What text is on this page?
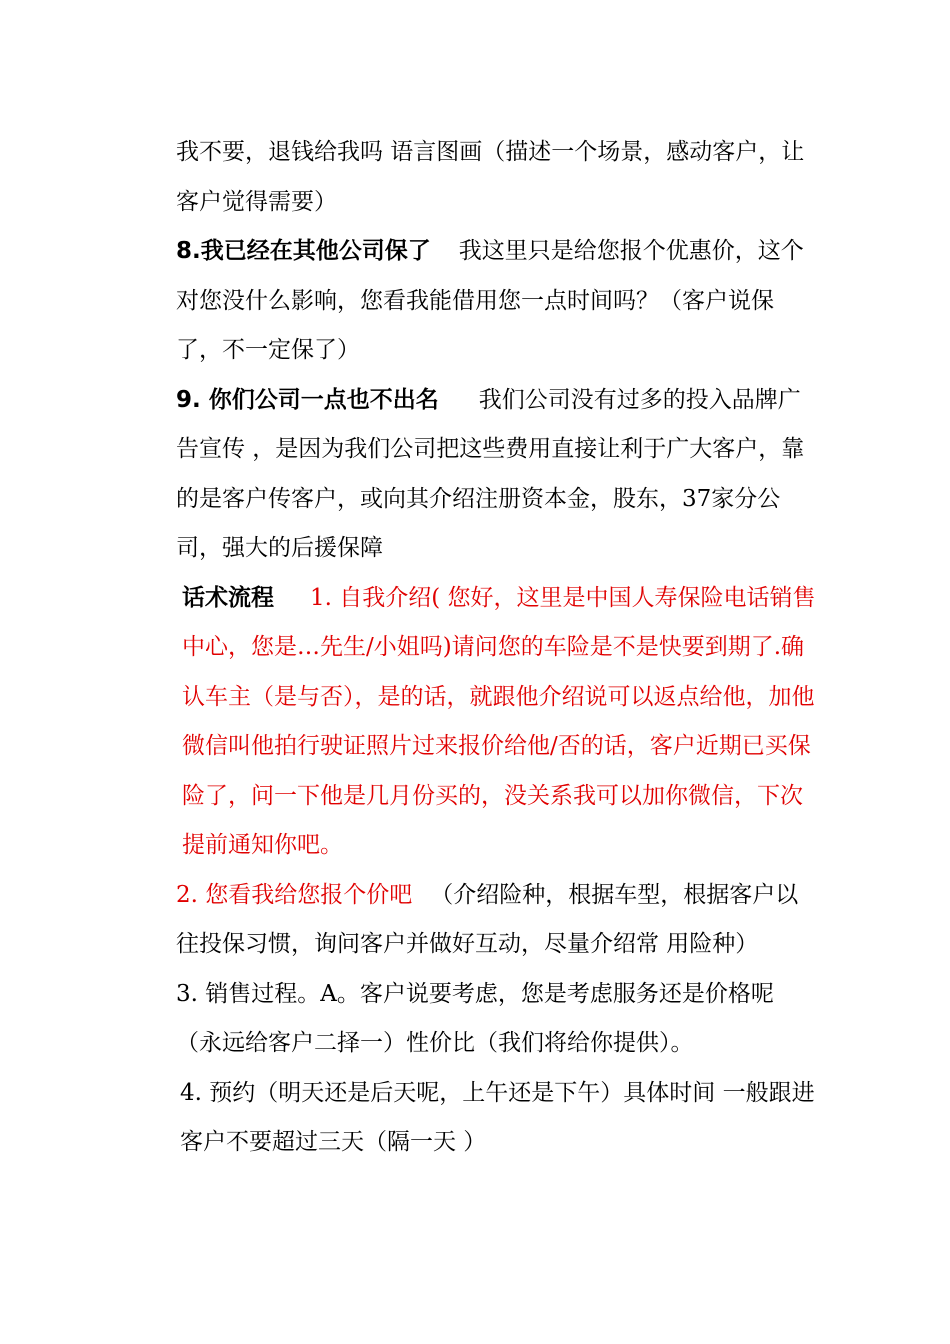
我不要，退钱给我吗 语言图画（描述一个场景，感动客户，让客户觉得需要）

8.我已经在其他公司保了 我这里只是给您报个优惠价，这个对您没什么影响，您看我能借用您一点时间吗？（客户说保了，不一定保了）

9. 你们公司一点也不出名 我们公司没有过多的投入品牌广告宣传 ，是因为我们公司把这些费用直接让利于广大客户，靠的是客户传客户，或向其介绍注册资本金，股东，37家分公司，强大的后援保障

话术流程 1. 自我介绍( 您好，这里是中国人寿保险电话销售中心，您是…先生/小姐吗)请问您的车险是不是快要到期了.确认车主（是与否），是的话，就跟他介绍说可以返点给他，加他微信叫他拍行驶证照片过来报价给他/否的话，客户近期已买保险了，问一下他是几月份买的，没关系我可以加你微信，下次提前通知你吧。

2. 您看我给您报个价吧 （介绍险种，根据车型，根据客户以往投保习惯，询问客户并做好互动，尽量介绍常 用险种）

3. 销售过程。A。客户说要考虑，您是考虑服务还是价格呢（永远给客户二择一）性价比（我们将给你提供）。

4. 预约（明天还是后天呢，上午还是下午）具体时间 一般跟进客户不要超过三天（隔一天 ）
